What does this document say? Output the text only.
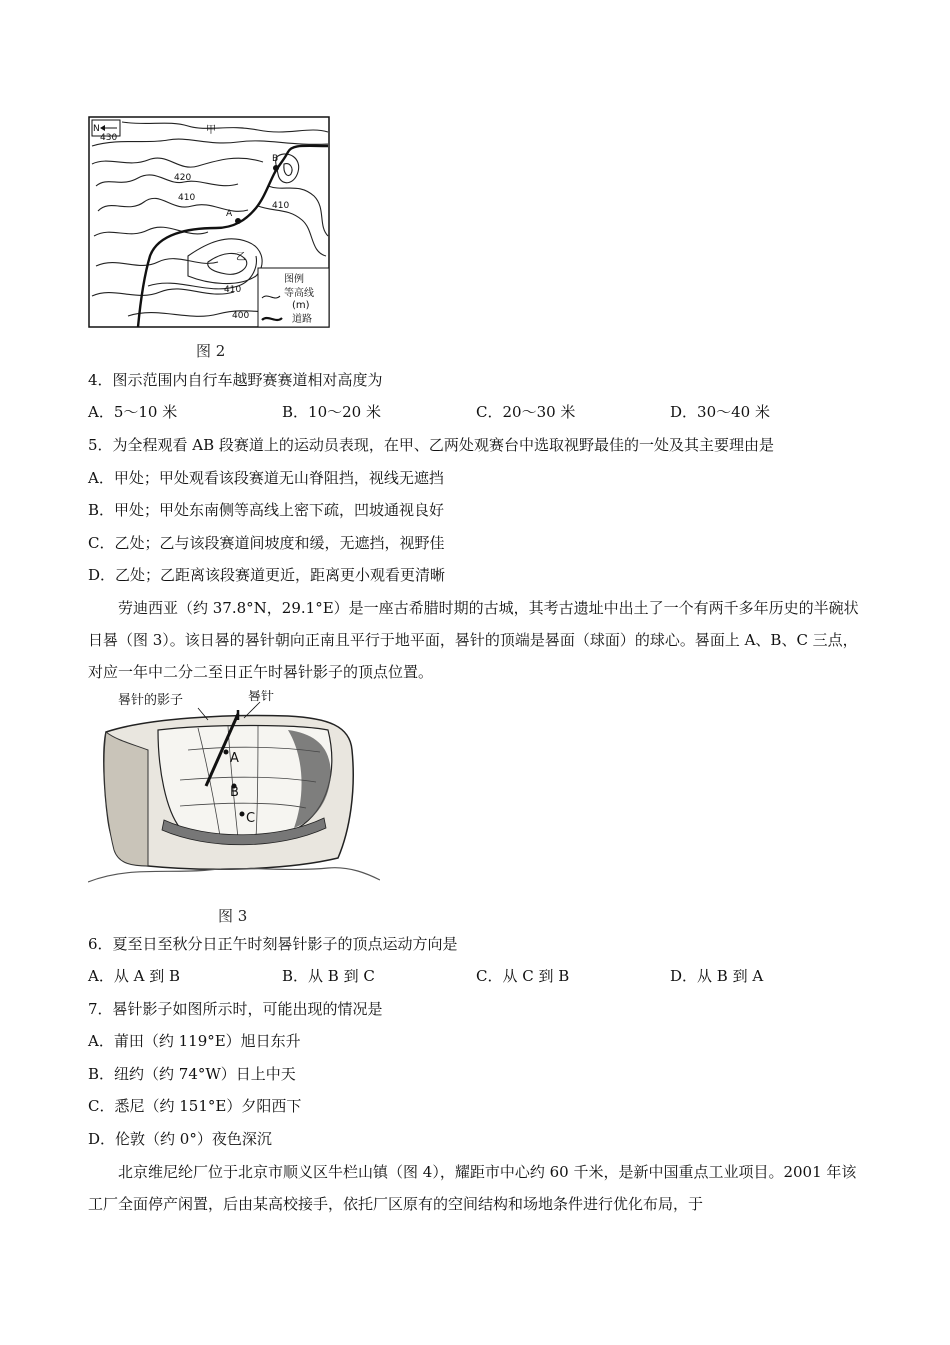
N
A
B
甲
乙
430
420
410
410
410
400
图例
等高线
(m)
道路
图 2
4．图示范围内自行车越野赛赛道相对高度为
A．5～10 米	B．10～20 米	C．20～30 米	D．30～40 米
5．为全程观看 AB 段赛道上的运动员表现，在甲、乙两处观赛台中选取视野最佳的一处及其主要理由是
A．甲处；甲处观看该段赛道无山脊阻挡，视线无遮挡
B．甲处；甲处东南侧等高线上密下疏，凹坡通视良好
C．乙处；乙与该段赛道间坡度和缓，无遮挡，视野佳
D．乙处；乙距离该段赛道更近，距离更小观看更清晰
劳迪西亚（约 37.8°N，29.1°E）是一座古希腊时期的古城，其考古遗址中出土了一个有两千多年历史的半碗状日晷（图 3）。该日晷的晷针朝向正南且平行于地平面，晷针的顶端是晷面（球面）的球心。晷面上 A、B、C 三点，对应一年中二分二至日正午时晷针影子的顶点位置。
A
B
C
晷针的影子	晷针
图 3
6．夏至日至秋分日正午时刻晷针影子的顶点运动方向是
A．从 A 到 B	B．从 B 到 C	C．从 C 到 B	D．从 B 到 A
7．晷针影子如图所示时，可能出现的情况是
A．莆田（约 119°E）旭日东升
B．纽约（约 74°W）日上中天
C．悉尼（约 151°E）夕阳西下
D．伦敦（约 0°）夜色深沉
北京维尼纶厂位于北京市顺义区牛栏山镇（图 4），耀距市中心约 60 千米，是新中国重点工业项目。2001 年该工厂全面停产闲置，后由某高校接手，依托厂区原有的空间结构和场地条件进行优化布局，于
